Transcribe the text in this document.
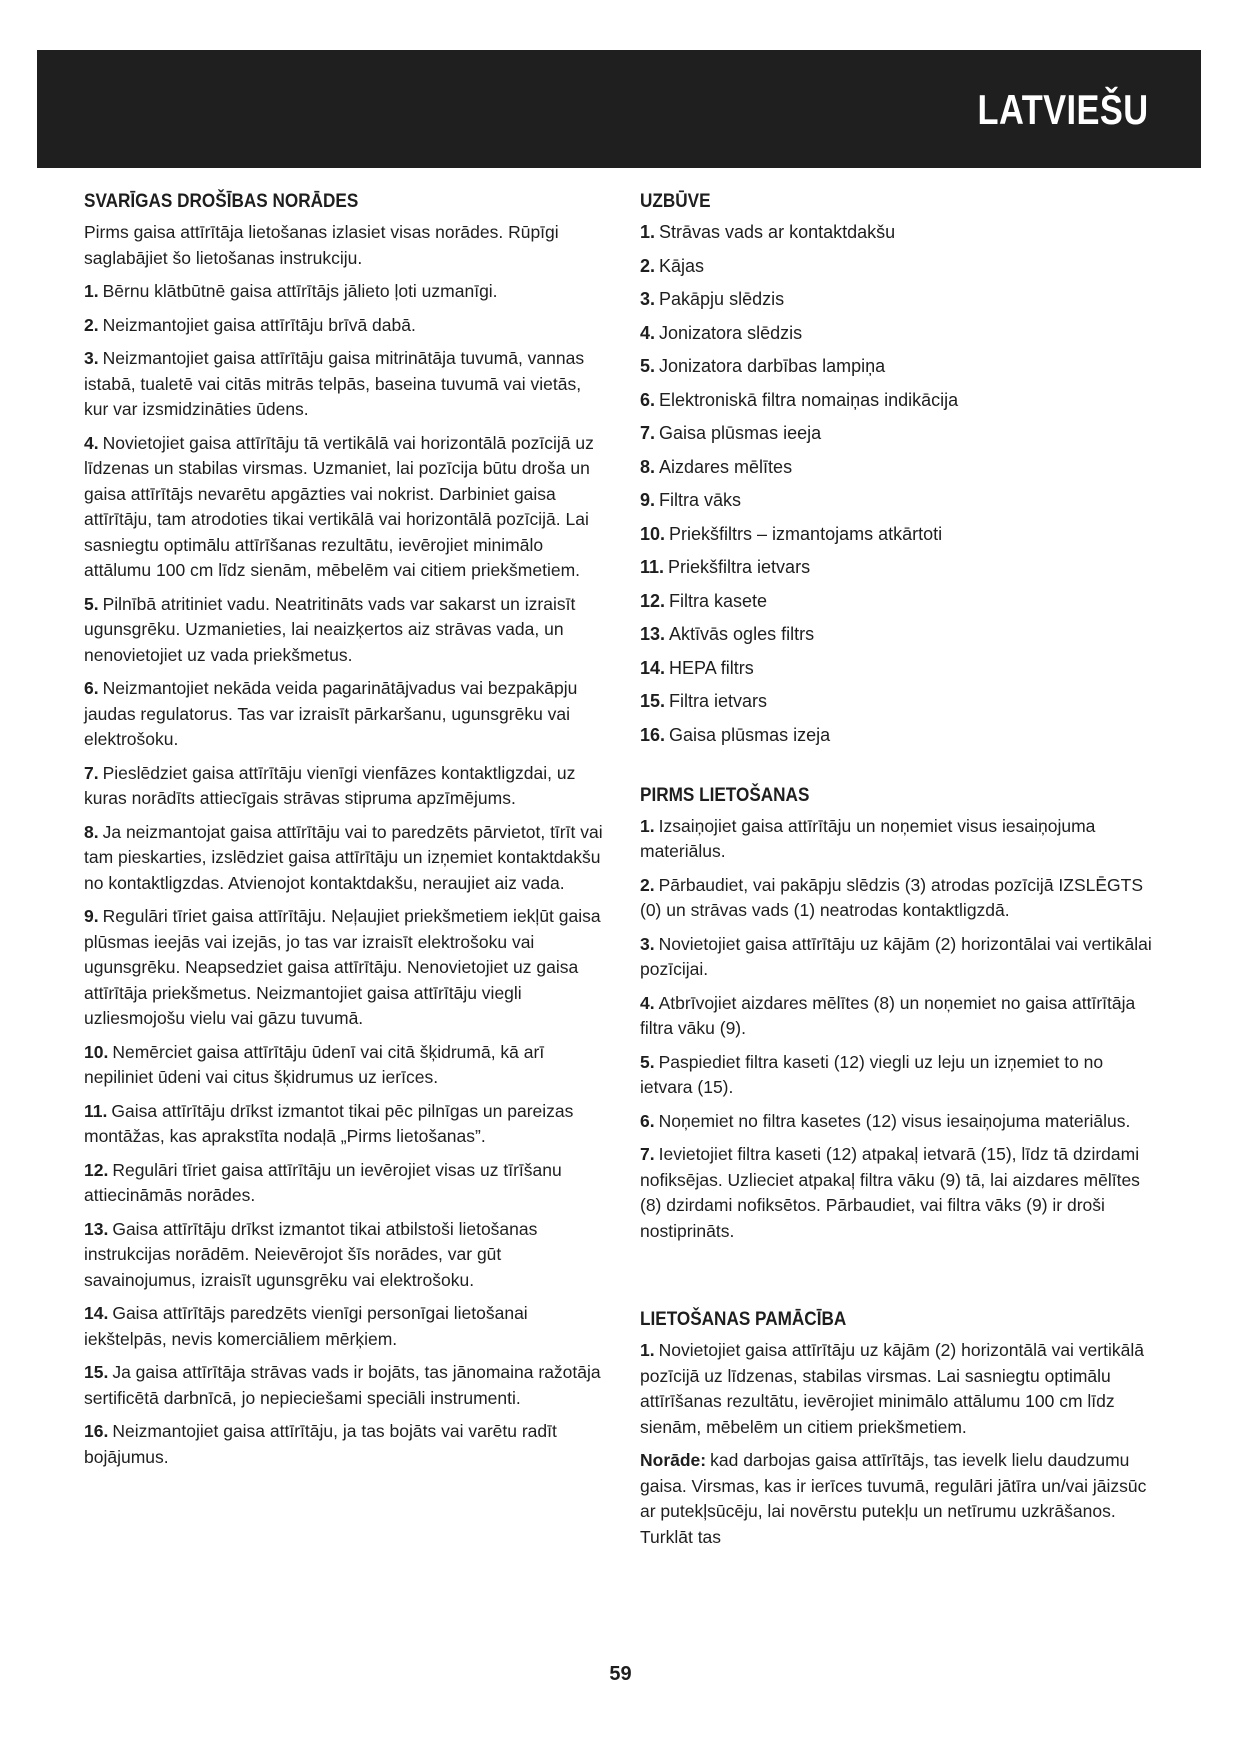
LATVIEŠU
SVARĪGAS DROŠĪBAS NORĀDES

Pirms gaisa attīrītāja lietošanas izlasiet visas norādes. Rūpīgi saglabājiet šo lietošanas instrukciju.

1. Bērnu klātbūtnē gaisa attīrītājs jālieto ļoti uzmanīgi.

2. Neizmantojiet gaisa attīrītāju brīvā dabā.

3. Neizmantojiet gaisa attīrītāju gaisa mitrinātāja tuvumā, vannas istabā, tualetē vai citās mitrās telpās, baseina tuvumā vai vietās, kur var izsmidzināties ūdens.

4. Novietojiet gaisa attīrītāju tā vertikālā vai horizontālā pozīcijā uz līdzenas un stabilas virsmas. Uzmaniet, lai pozīcija būtu droša un gaisa attīrītājs nevarētu apgāzties vai nokrist. Darbiniet gaisa attīrītāju, tam atrodoties tikai vertikālā vai horizontālā pozīcijā. Lai sasniegtu optimālu attīrīšanas rezultātu, ievērojiet minimālo attālumu 100 cm līdz sienām, mēbelēm vai citiem priekšmetiem.

5. Pilnībā atritiniet vadu. Neatritināts vads var sakarst un izraisīt ugunsgrēku. Uzmanieties, lai neaizķertos aiz strāvas vada, un nenovietojiet uz vada priekšmetus.

6. Neizmantojiet nekāda veida pagarinātājvadus vai bezpakāpju jaudas regulatorus. Tas var izraisīt pārkaršanu, ugunsgrēku vai elektrošoku.

7. Pieslēdziet gaisa attīrītāju vienīgi vienfāzes kontaktligzdai, uz kuras norādīts attiecīgais strāvas stipruma apzīmējums.

8. Ja neizmantojat gaisa attīrītāju vai to paredzēts pārvietot, tīrīt vai tam pieskarties, izslēdziet gaisa attīrītāju un izņemiet kontaktdakšu no kontaktligzdas. Atvienojot kontaktdakšu, neraujiet aiz vada.

9. Regulāri tīriet gaisa attīrītāju. Neļaujiet priekšmetiem iekļūt gaisa plūsmas ieejās vai izejās, jo tas var izraisīt elektrošoku vai ugunsgrēku. Neapsedziet gaisa attīrītāju. Nenovietojiet uz gaisa attīrītāja priekšmetus. Neizmantojiet gaisa attīrītāju viegli uzliesmojošu vielu vai gāzu tuvumā.

10. Nemērciet gaisa attīrītāju ūdenī vai citā šķidrumā, kā arī nepiliniet ūdeni vai citus šķidrumus uz ierīces.

11. Gaisa attīrītāju drīkst izmantot tikai pēc pilnīgas un pareizas montāžas, kas aprakstīta nodaļā „Pirms lietošanas”.

12. Regulāri tīriet gaisa attīrītāju un ievērojiet visas uz tīrīšanu attiecināmās norādes.

13. Gaisa attīrītāju drīkst izmantot tikai atbilstoši lietošanas instrukcijas norādēm. Neievērojot šīs norādes, var gūt savainojumus, izraisīt ugunsgrēku vai elektrošoku.

14. Gaisa attīrītājs paredzēts vienīgi personīgai lietošanai iekštelpās, nevis komerciāliem mērķiem.

15. Ja gaisa attīrītāja strāvas vads ir bojāts, tas jānomaina ražotāja sertificētā darbnīcā, jo nepieciešami speciāli instrumenti.

16. Neizmantojiet gaisa attīrītāju, ja tas bojāts vai varētu radīt bojājumus.

UZBŪVE

1. Strāvas vads ar kontaktdakšu

2. Kājas

3. Pakāpju slēdzis

4. Jonizatora slēdzis

5. Jonizatora darbības lampiņa

6. Elektroniskā filtra nomaiņas indikācija

7. Gaisa plūsmas ieeja

8. Aizdares mēlītes

9. Filtra vāks

10. Priekšfiltrs – izmantojams atkārtoti

11. Priekšfiltra ietvars

12. Filtra kasete

13. Aktīvās ogles filtrs

14. HEPA filtrs

15. Filtra ietvars

16. Gaisa plūsmas izeja

PIRMS LIETOŠANAS

1. Izsaiņojiet gaisa attīrītāju un noņemiet visus iesaiņojuma materiālus.

2. Pārbaudiet, vai pakāpju slēdzis (3) atrodas pozīcijā IZSLĒGTS (0) un strāvas vads (1) neatrodas kontaktligzdā.

3. Novietojiet gaisa attīrītāju uz kājām (2) horizontālai vai vertikālai pozīcijai.

4. Atbrīvojiet aizdares mēlītes (8) un noņemiet no gaisa attīrītāja filtra vāku (9).

5. Paspiediet filtra kaseti (12) viegli uz leju un izņemiet to no ietvara (15).

6. Noņemiet no filtra kasetes (12) visus iesaiņojuma materiālus.

7. Ievietojiet filtra kaseti (12) atpakaļ ietvarā (15), līdz tā dzirdami nofiksējas. Uzlieciet atpakaļ filtra vāku (9) tā, lai aizdares mēlītes (8) dzirdami nofiksētos. Pārbaudiet, vai filtra vāks (9) ir droši nostiprināts.

LIETOŠANAS PAMĀCĪBA

1. Novietojiet gaisa attīrītāju uz kājām (2) horizontālā vai vertikālā pozīcijā uz līdzenas, stabilas virsmas. Lai sasniegtu optimālu attīrīšanas rezultātu, ievērojiet minimālo attālumu 100 cm līdz sienām, mēbelēm un citiem priekšmetiem.

Norāde: kad darbojas gaisa attīrītājs, tas ievelk lielu daudzumu gaisa. Virsmas, kas ir ierīces tuvumā, regulāri jātīra un/vai jāizsūc ar putekļsūcēju, lai novērstu putekļu un netīrumu uzkrāšanos. Turklāt tas

59
